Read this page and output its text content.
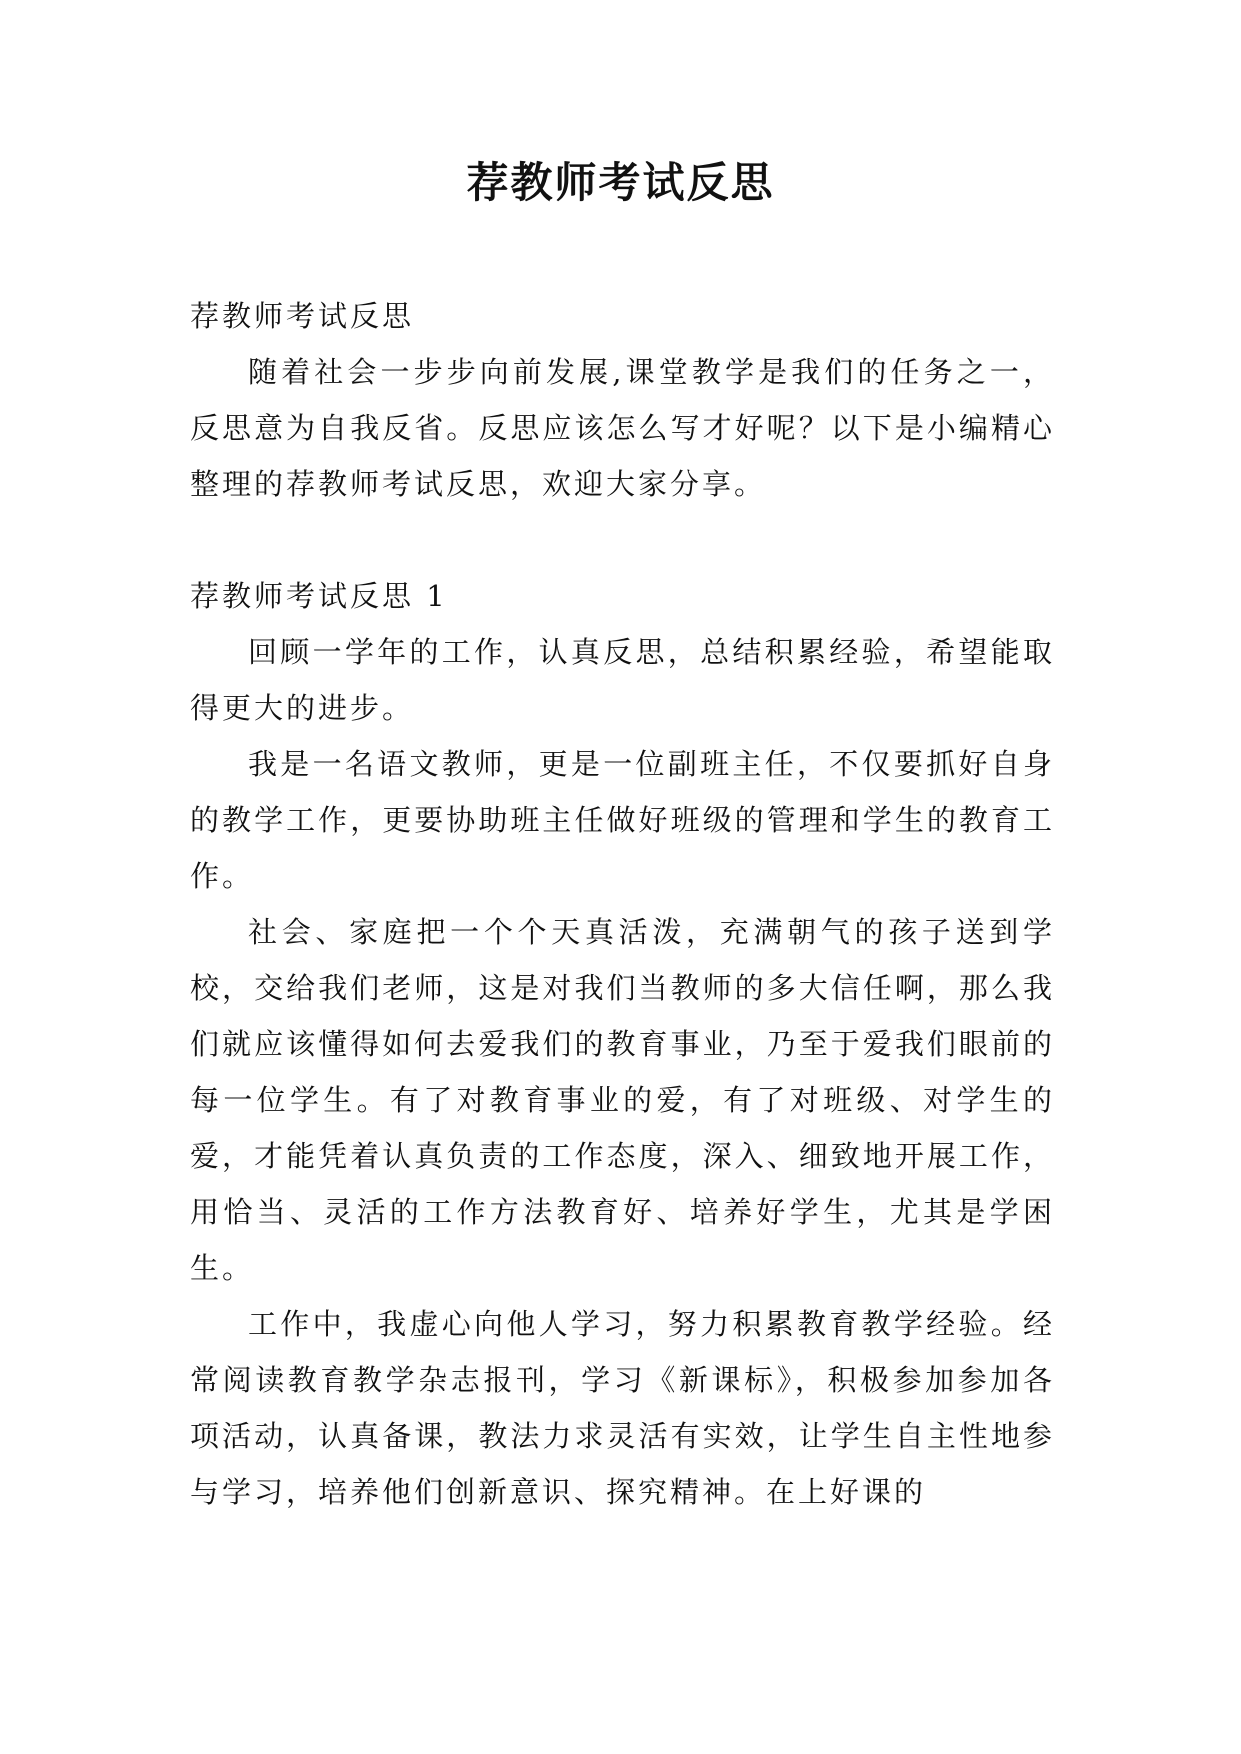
荐教师考试反思

荐教师考试反思

随着社会一步步向前发展,课堂教学是我们的任务之一，反思意为自我反省。反思应该怎么写才好呢？以下是小编精心整理的荐教师考试反思，欢迎大家分享。

荐教师考试反思 1

回顾一学年的工作，认真反思，总结积累经验，希望能取得更大的进步。

我是一名语文教师，更是一位副班主任，不仅要抓好自身的教学工作，更要协助班主任做好班级的管理和学生的教育工作。

社会、家庭把一个个天真活泼，充满朝气的孩子送到学校，交给我们老师，这是对我们当教师的多大信任啊，那么我们就应该懂得如何去爱我们的教育事业，乃至于爱我们眼前的每一位学生。有了对教育事业的爱，有了对班级、对学生的爱，才能凭着认真负责的工作态度，深入、细致地开展工作，用恰当、灵活的工作方法教育好、培养好学生，尤其是学困生。

工作中，我虚心向他人学习，努力积累教育教学经验。经常阅读教育教学杂志报刊，学习《新课标》，积极参加参加各项活动，认真备课，教法力求灵活有实效，让学生自主性地参与学习，培养他们创新意识、探究精神。在上好课的
